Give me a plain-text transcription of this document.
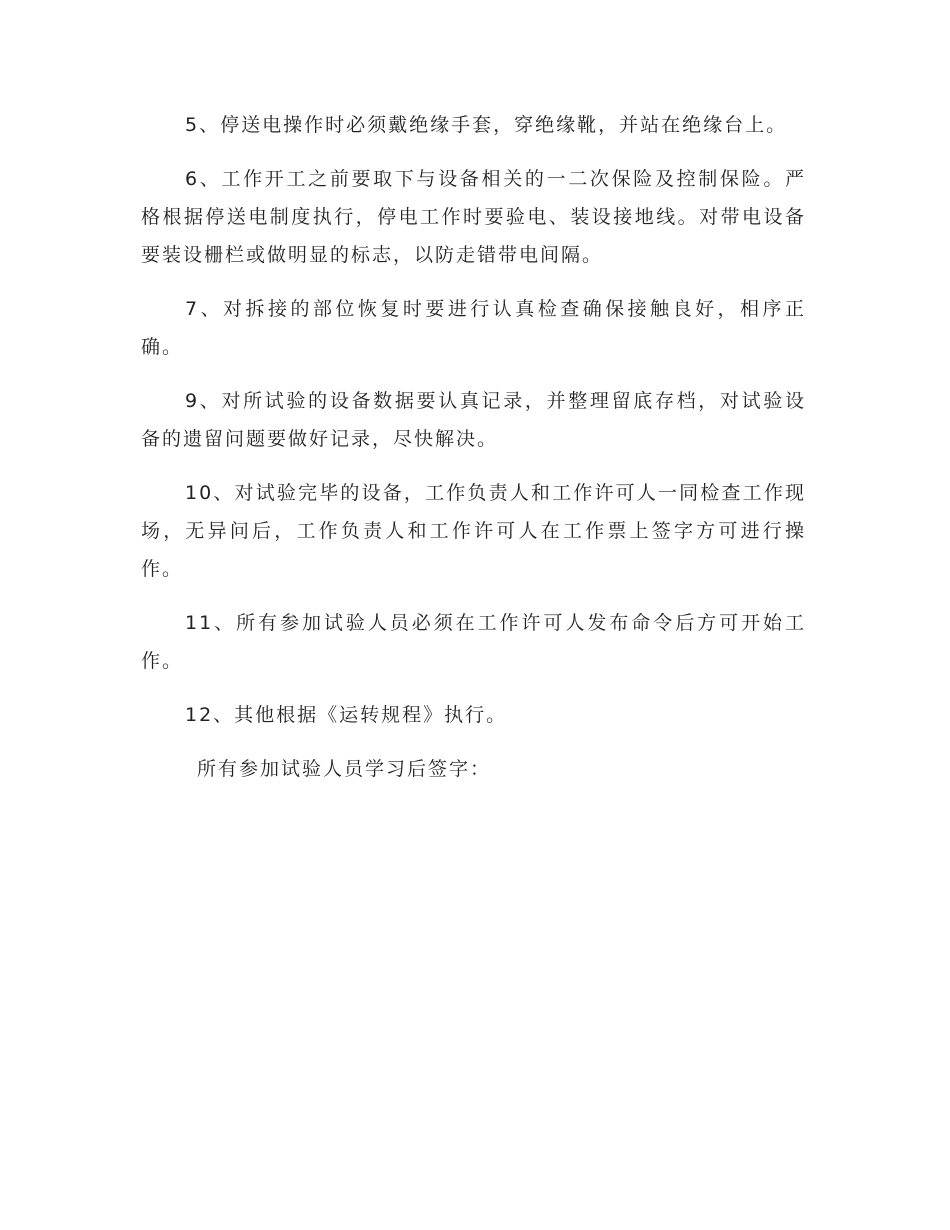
5、停送电操作时必须戴绝缘手套，穿绝缘靴，并站在绝缘台上。

6、工作开工之前要取下与设备相关的一二次保险及控制保险。严格根据停送电制度执行，停电工作时要验电、装设接地线。对带电设备要装设栅栏或做明显的标志，以防走错带电间隔。

7、对拆接的部位恢复时要进行认真检查确保接触良好，相序正确。

9、对所试验的设备数据要认真记录，并整理留底存档，对试验设备的遗留问题要做好记录，尽快解决。

10、对试验完毕的设备，工作负责人和工作许可人一同检查工作现场，无异问后，工作负责人和工作许可人在工作票上签字方可进行操作。

11、所有参加试验人员必须在工作许可人发布命令后方可开始工作。

12、其他根据《运转规程》执行。

所有参加试验人员学习后签字：
